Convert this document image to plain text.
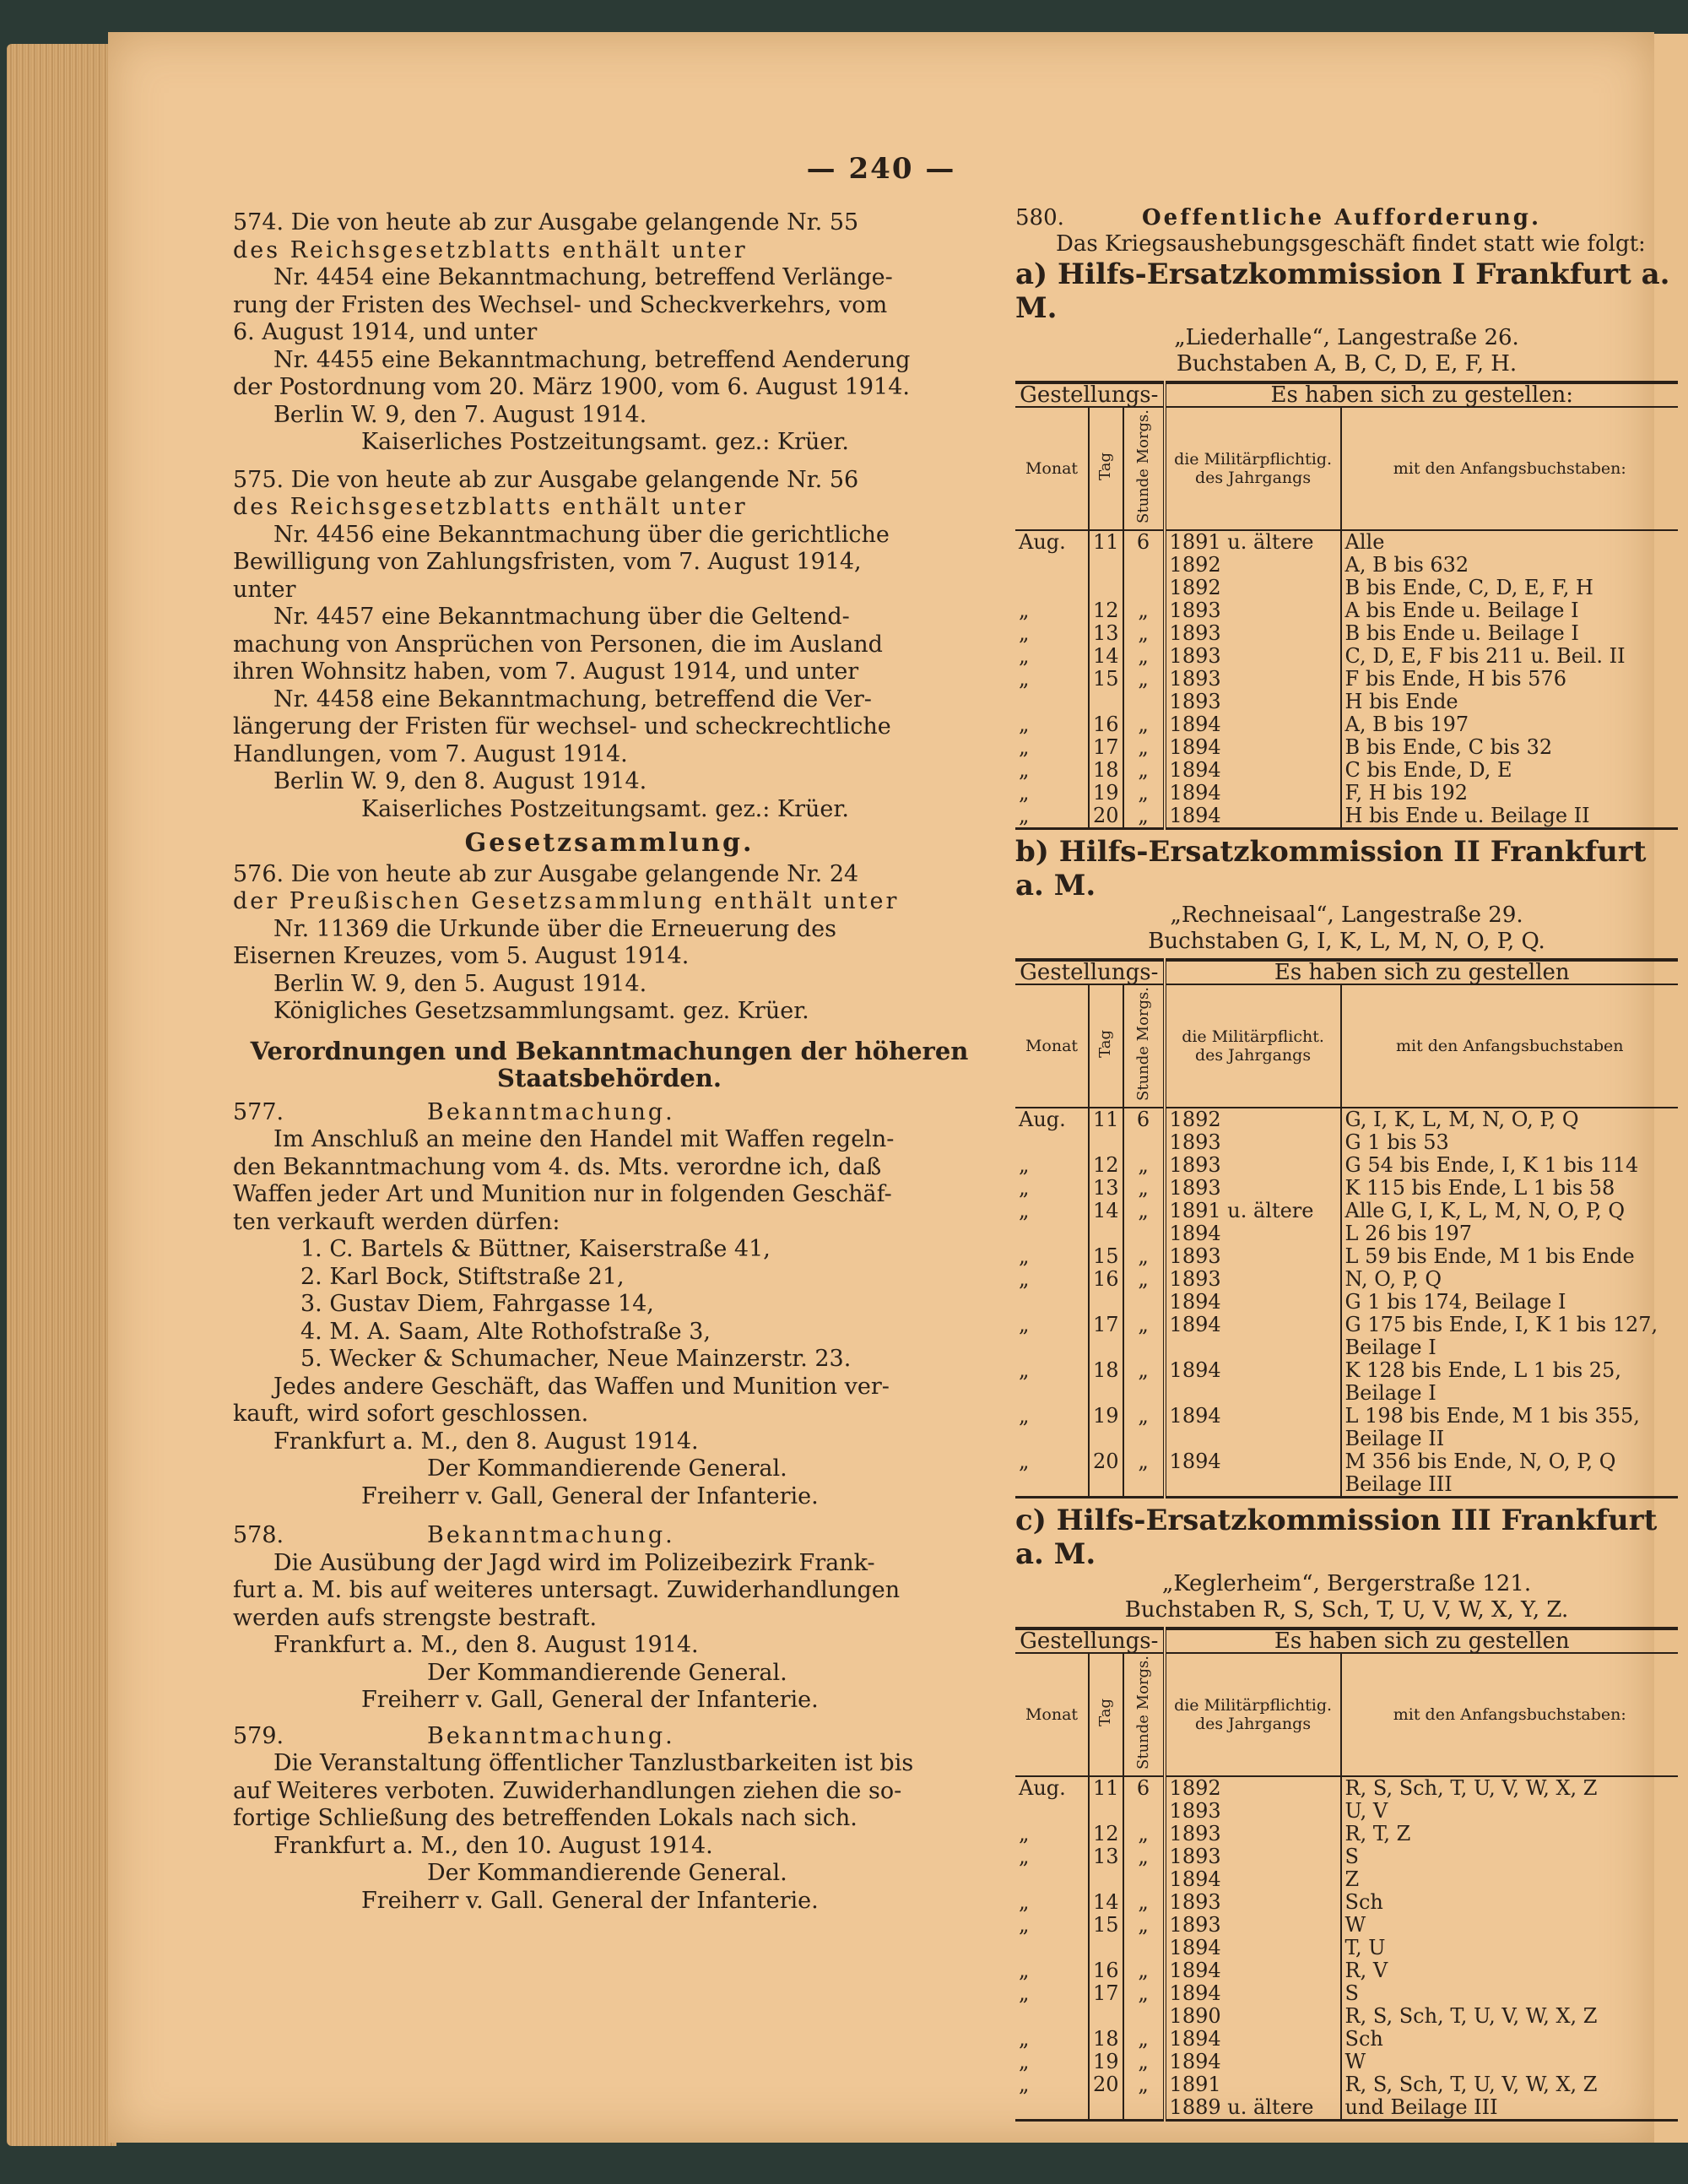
— 240 —

574. Die von heute ab zur Ausgabe gelangende Nr. 55

des Reichsgesetzblatts enthält unter

Nr. 4454 eine Bekanntmachung, betreffend Verlänge-

rung der Fristen des Wechsel- und Scheckverkehrs, vom

6. August 1914, und unter

Nr. 4455 eine Bekanntmachung, betreffend Aenderung

der Postordnung vom 20. März 1900, vom 6. August 1914.

Berlin W. 9, den 7. August 1914.

Kaiserliches Postzeitungsamt. gez.: Krüer.

575. Die von heute ab zur Ausgabe gelangende Nr. 56

des Reichsgesetzblatts enthält unter

Nr. 4456 eine Bekanntmachung über die gerichtliche

Bewilligung von Zahlungsfristen, vom 7. August 1914,

unter

Nr. 4457 eine Bekanntmachung über die Geltend-

machung von Ansprüchen von Personen, die im Ausland

ihren Wohnsitz haben, vom 7. August 1914, und unter

Nr. 4458 eine Bekanntmachung, betreffend die Ver-

längerung der Fristen für wechsel- und scheckrechtliche

Handlungen, vom 7. August 1914.

Berlin W. 9, den 8. August 1914.

Kaiserliches Postzeitungsamt. gez.: Krüer.

Gesetzsammlung.

576. Die von heute ab zur Ausgabe gelangende Nr. 24

der Preußischen Gesetzsammlung enthält unter

Nr. 11369 die Urkunde über die Erneuerung des

Eisernen Kreuzes, vom 5. August 1914.

Berlin W. 9, den 5. August 1914.

Königliches Gesetzsammlungsamt. gez. Krüer.

Verordnungen und Bekanntmachungen der höheren

Staatsbehörden.

577.	Bekanntmachung.

Im Anschluß an meine den Handel mit Waffen regeln-

den Bekanntmachung vom 4. ds. Mts. verordne ich, daß

Waffen jeder Art und Munition nur in folgenden Geschäf-

ten verkauft werden dürfen:

1. C. Bartels & Büttner, Kaiserstraße 41,

2. Karl Bock, Stiftstraße 21,

3. Gustav Diem, Fahrgasse 14,

4. M. A. Saam, Alte Rothofstraße 3,

5. Wecker & Schumacher, Neue Mainzerstr. 23.

Jedes andere Geschäft, das Waffen und Munition ver-

kauft, wird sofort geschlossen.

Frankfurt a. M., den 8. August 1914.

Der Kommandierende General.

Freiherr v. Gall, General der Infanterie.

578.	Bekanntmachung.

Die Ausübung der Jagd wird im Polizeibezirk Frank-

furt a. M. bis auf weiteres untersagt. Zuwiderhandlungen

werden aufs strengste bestraft.

Frankfurt a. M., den 8. August 1914.

Der Kommandierende General.

Freiherr v. Gall, General der Infanterie.

579.	Bekanntmachung.

Die Veranstaltung öffentlicher Tanzlustbarkeiten ist bis

auf Weiteres verboten. Zuwiderhandlungen ziehen die so-

fortige Schließung des betreffenden Lokals nach sich.

Frankfurt a. M., den 10. August 1914.

Der Kommandierende General.

Freiherr v. Gall. General der Infanterie.

580.	Oeffentliche Aufforderung.

Das Kriegsaushebungsgeschäft findet statt wie folgt:

a) Hilfs-Ersatzkommission I Frankfurt a. M.

„Liederhalle“, Langestraße 26.

Buchstaben A, B, C, D, E, F, H.

Gestellungs-			Es haben sich zu gestellen:	
Monat	Tag	Stunde Morgs.	die Militärpflichtig. des Jahrgangs	mit den Anfangsbuchstaben:
Aug.	11	6	1891 u. ältere	Alle
			1892	A, B bis 632
			1892	B bis Ende, C, D, E, F, H
„	12	„	1893	A bis Ende u. Beilage I
„	13	„	1893	B bis Ende u. Beilage I
„	14	„	1893	C, D, E, F bis 211 u. Beil. II
„	15	„	1893	F bis Ende, H bis 576
			1893	H bis Ende
„	16	„	1894	A, B bis 197
„	17	„	1894	B bis Ende, C bis 32
„	18	„	1894	C bis Ende, D, E
„	19	„	1894	F, H bis 192
„	20	„	1894	H bis Ende u. Beilage II

b) Hilfs-Ersatzkommission II Frankfurt a. M.

„Rechneisaal“, Langestraße 29.

Buchstaben G, I, K, L, M, N, O, P, Q.

Gestellungs-			Es haben sich zu gestellen	
Monat	Tag	Stunde Morgs.	die Militärpflicht. des Jahrgangs	mit den Anfangsbuchstaben
Aug.	11	6	1892	G, I, K, L, M, N, O, P, Q
			1893	G 1 bis 53
„	12	„	1893	G 54 bis Ende, I, K 1 bis 114
„	13	„	1893	K 115 bis Ende, L 1 bis 58
„	14	„	1891 u. ältere	Alle G, I, K, L, M, N, O, P, Q
			1894	L 26 bis 197
„	15	„	1893	L 59 bis Ende, M 1 bis Ende
„	16	„	1893	N, O, P, Q
			1894	G 1 bis 174, Beilage I
„	17	„	1894	G 175 bis Ende, I, K 1 bis 127, Beilage I
„	18	„	1894	K 128 bis Ende, L 1 bis 25, Beilage I
„	19	„	1894	L 198 bis Ende, M 1 bis 355, Beilage II
„	20	„	1894	M 356 bis Ende, N, O, P, Q Beilage III

c) Hilfs-Ersatzkommission III Frankfurt a. M.

„Keglerheim“, Bergerstraße 121.

Buchstaben R, S, Sch, T, U, V, W, X, Y, Z.

Gestellungs-			Es haben sich zu gestellen	
Monat	Tag	Stunde Morgs.	die Militärpflichtig. des Jahrgangs	mit den Anfangsbuchstaben:
Aug.	11	6	1892	R, S, Sch, T, U, V, W, X, Z
			1893	U, V
„	12	„	1893	R, T, Z
„	13	„	1893	S
			1894	Z
„	14	„	1893	Sch
„	15	„	1893	W
			1894	T, U
„	16	„	1894	R, V
„	17	„	1894	S
			1890	R, S, Sch, T, U, V, W, X, Z
„	18	„	1894	Sch
„	19	„	1894	W
„	20	„	1891	R, S, Sch, T, U, V, W, X, Z
			1889 u. ältere	und Beilage III
